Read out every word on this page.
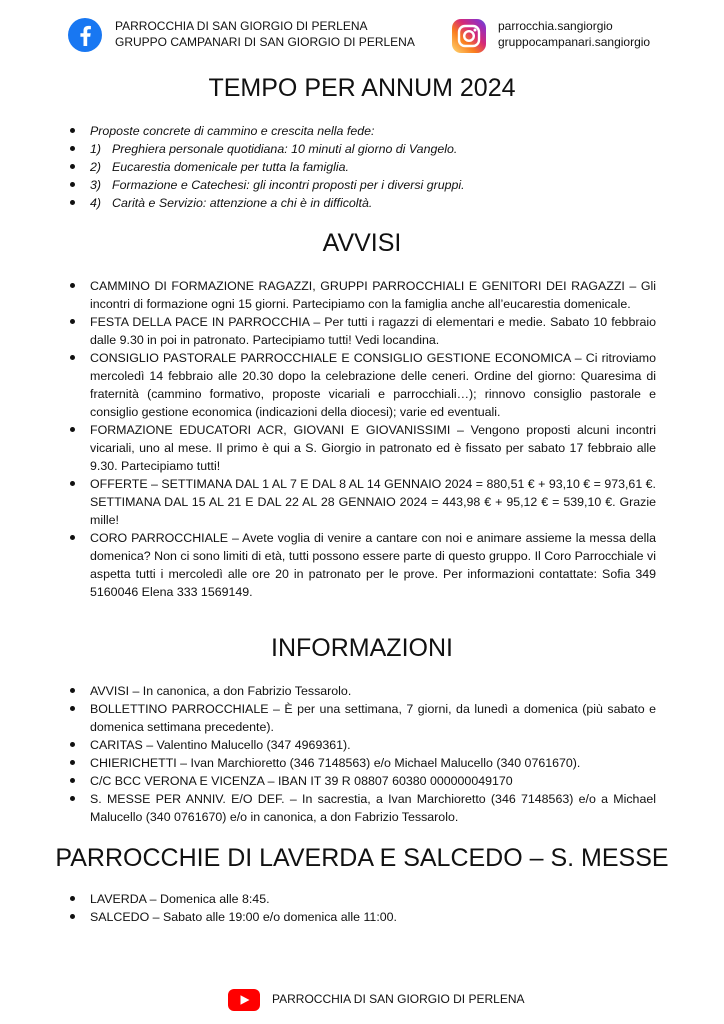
PARROCCHIA DI SAN GIORGIO DI PERLENA
GRUPPO CAMPANARI DI SAN GIORGIO DI PERLENA
parrocchia.sangiorgio
gruppocampanari.sangiorgio
TEMPO PER ANNUM 2024
Proposte concrete di cammino e crescita nella fede:
1) Preghiera personale quotidiana: 10 minuti al giorno di Vangelo.
2) Eucarestia domenicale per tutta la famiglia.
3) Formazione e Catechesi: gli incontri proposti per i diversi gruppi.
4) Carità e Servizio: attenzione a chi è in difficoltà.
AVVISI
CAMMINO DI FORMAZIONE RAGAZZI, GRUPPI PARROCCHIALI E GENITORI DEI RAGAZZI – Gli incontri di formazione ogni 15 giorni. Partecipiamo con la famiglia anche all’eucarestia domenicale.
FESTA DELLA PACE IN PARROCCHIA – Per tutti i ragazzi di elementari e medie. Sabato 10 febbraio dalle 9.30 in poi in patronato. Partecipiamo tutti! Vedi locandina.
CONSIGLIO PASTORALE PARROCCHIALE E CONSIGLIO GESTIONE ECONOMICA – Ci ritroviamo mercoledì 14 febbraio alle 20.30 dopo la celebrazione delle ceneri. Ordine del giorno: Quaresima di fraternità (cammino formativo, proposte vicariali e parrocchiali…); rinnovo consiglio pastorale e consiglio gestione economica (indicazioni della diocesi); varie ed eventuali.
FORMAZIONE EDUCATORI ACR, GIOVANI E GIOVANISSIMI – Vengono proposti alcuni incontri vicariali, uno al mese. Il primo è qui a S. Giorgio in patronato ed è fissato per sabato 17 febbraio alle 9.30. Partecipiamo tutti!
OFFERTE – SETTIMANA DAL 1 AL 7 E DAL 8 AL 14 GENNAIO 2024 = 880,51 € + 93,10 € = 973,61 €. SETTIMANA DAL 15 AL 21 E DAL 22 AL 28 GENNAIO 2024 = 443,98 € + 95,12 € = 539,10 €. Grazie mille!
CORO PARROCCHIALE – Avete voglia di venire a cantare con noi e animare assieme la messa della domenica? Non ci sono limiti di età, tutti possono essere parte di questo gruppo. Il Coro Parrocchiale vi aspetta tutti i mercoledì alle ore 20 in patronato per le prove. Per informazioni contattate: Sofia 349 5160046 Elena 333 1569149.
INFORMAZIONI
AVVISI – In canonica, a don Fabrizio Tessarolo.
BOLLETTINO PARROCCHIALE – È per una settimana, 7 giorni, da lunedì a domenica (più sabato e domenica settimana precedente).
CARITAS – Valentino Malucello (347 4969361).
CHIERICHETTI – Ivan Marchioretto (346 7148563) e/o Michael Malucello (340 0761670).
C/C BCC VERONA E VICENZA – IBAN IT 39 R 08807 60380 000000049170
S. MESSE PER ANNIV. E/O DEF. – In sacrestia, a Ivan Marchioretto (346 7148563) e/o a Michael Malucello (340 0761670) e/o in canonica, a don Fabrizio Tessarolo.
PARROCCHIE DI LAVERDA E SALCEDO – S. MESSE
LAVERDA – Domenica alle 8:45.
SALCEDO – Sabato alle 19:00 e/o domenica alle 11:00.
PARROCCHIA DI SAN GIORGIO DI PERLENA
